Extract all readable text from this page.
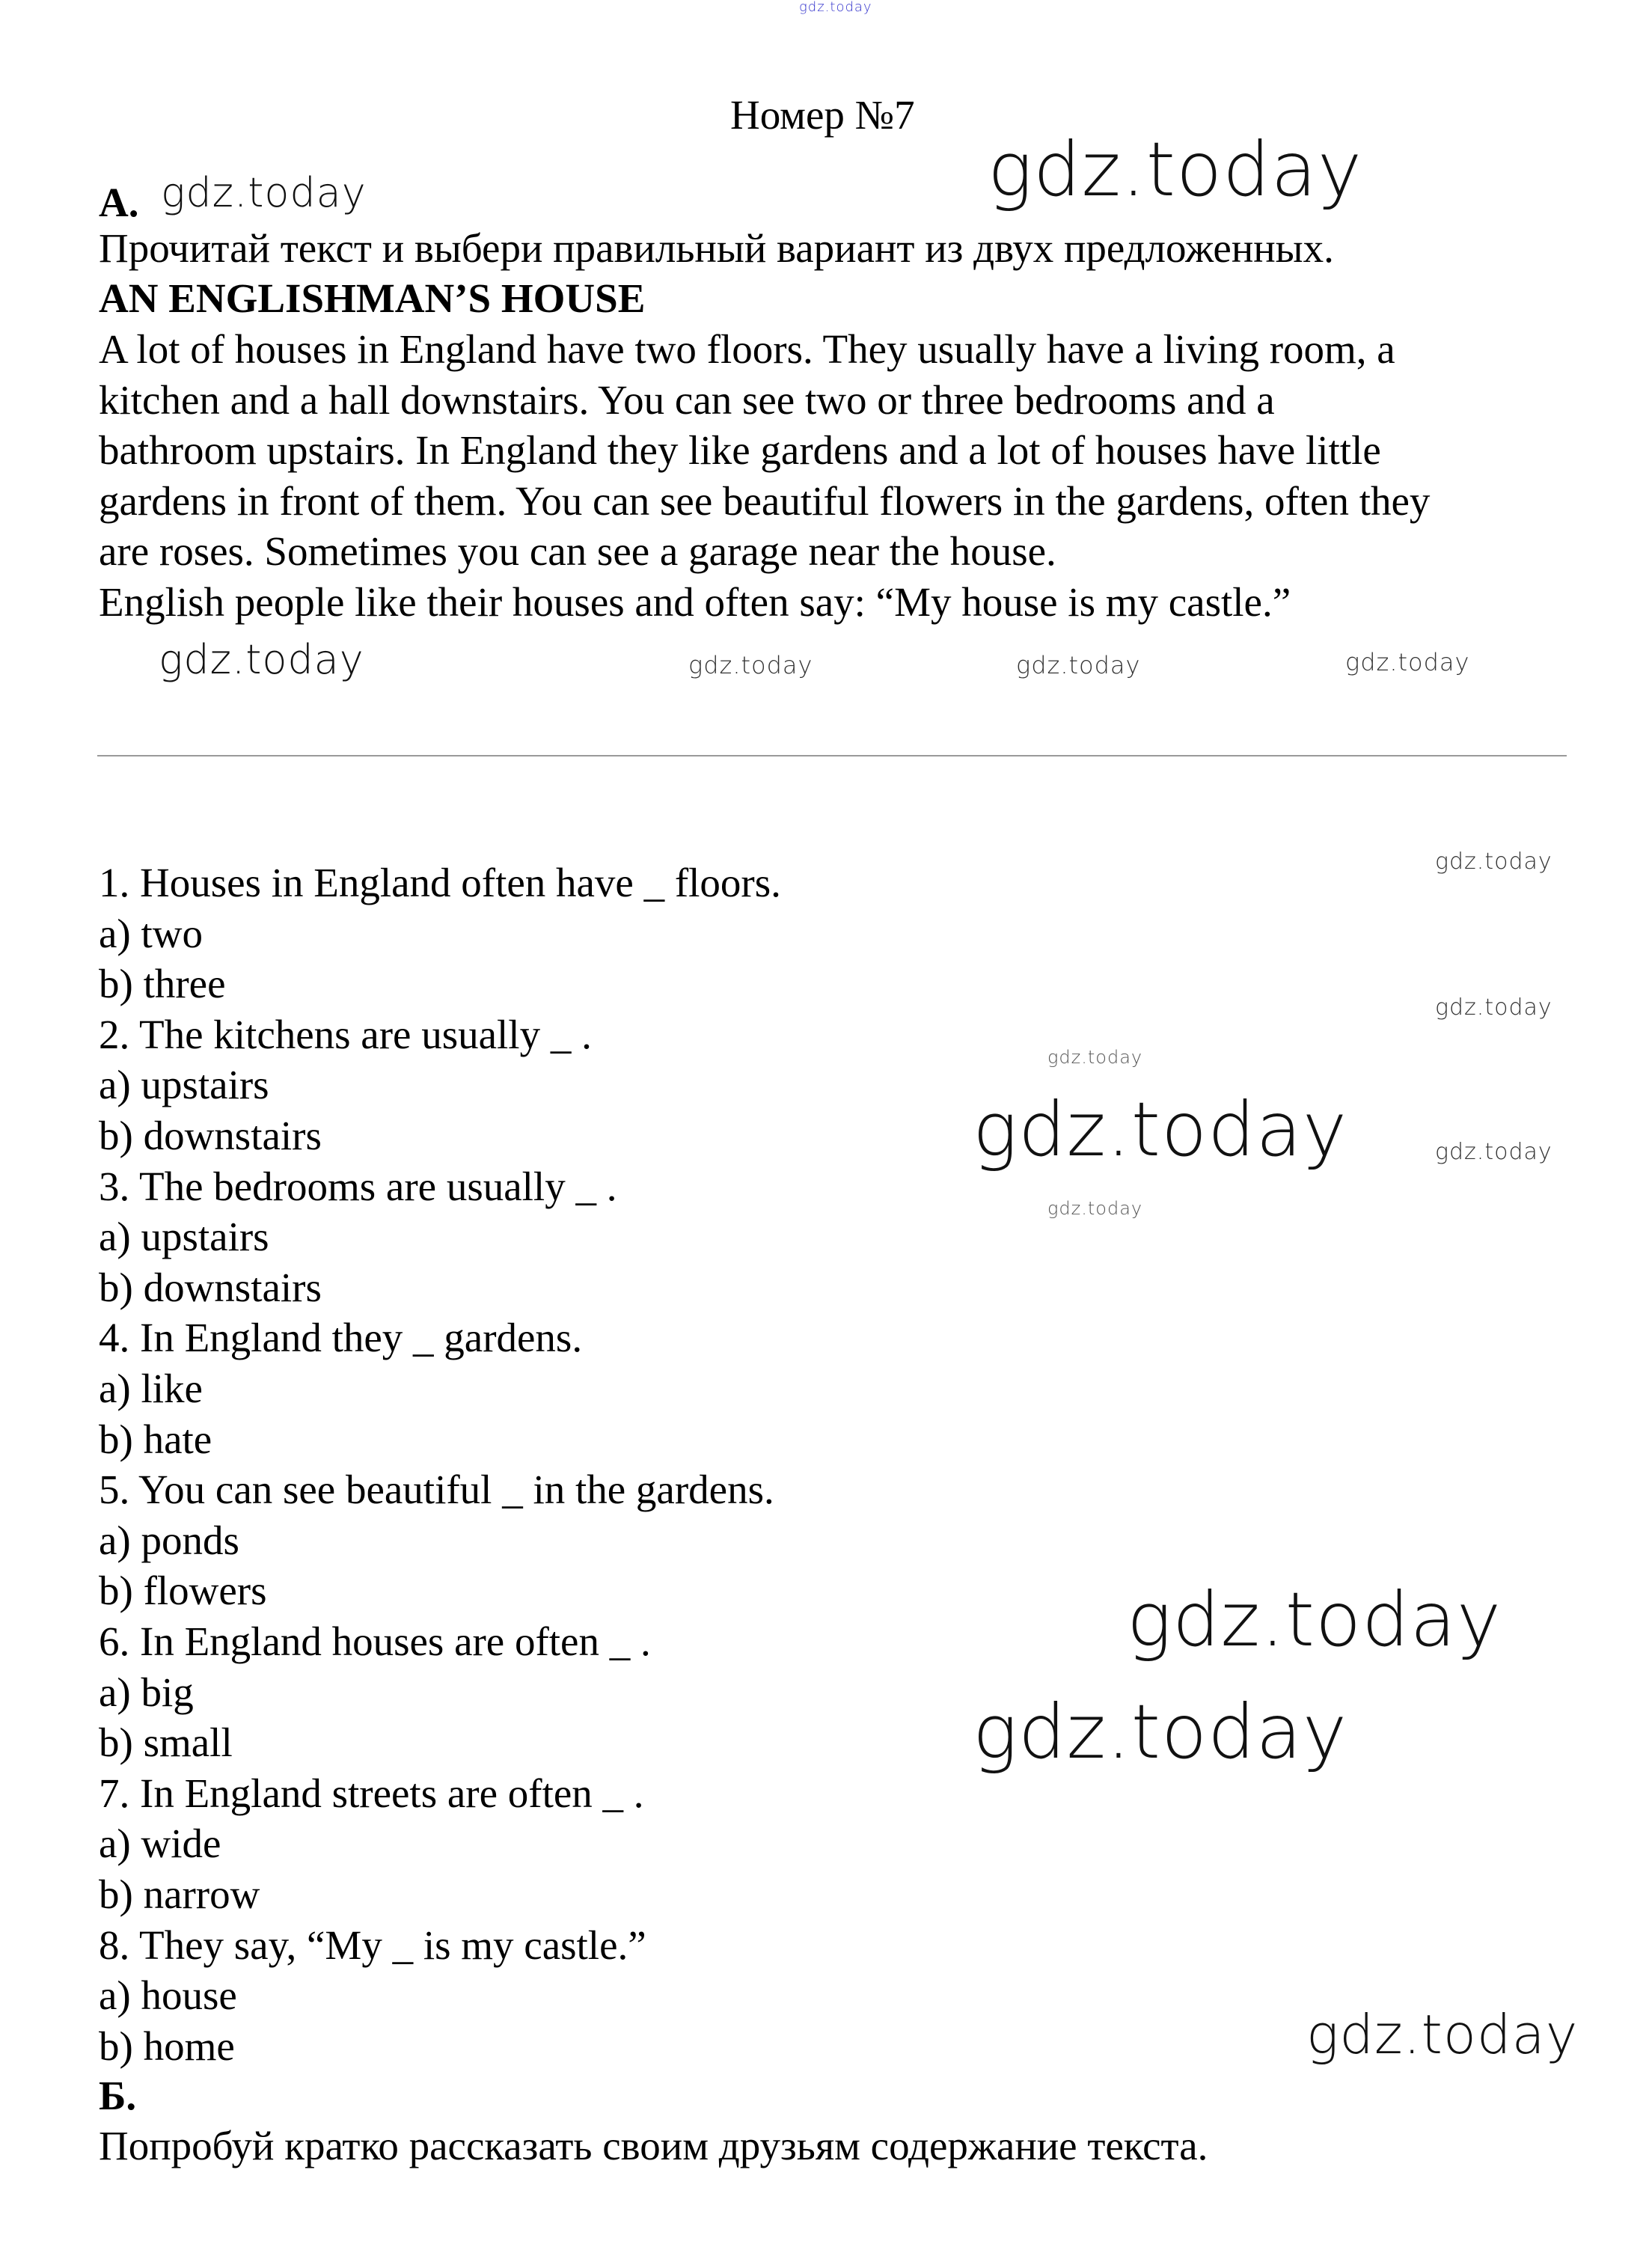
gdz.today
Номер №7
А.
Прочитай текст и выбери правильный вариант из двух предложенных.
AN ENGLISHMAN’S HOUSE
A lot of houses in England have two floors. They usually have a living room, a
kitchen and a hall downstairs. You can see two or three bedrooms and a
bathroom upstairs. In England they like gardens and a lot of houses have little
gardens in front of them. You can see beautiful flowers in the gardens, often they
are roses. Sometimes you can see a garage near the house.
English people like their houses and often say: “My house is my castle.”
gdz.today	gdz.today
gdz.today	gdz.today	gdz.today	gdz.today
gdz.today
gdz.today
gdz.today
gdz.today
gdz.today
gdz.today
gdz.today
gdz.today
gdz.today
1. Houses in England often have _ floors.
a) two
b) three
2. The kitchens are usually _ .
a) upstairs
b) downstairs
3. The bedrooms are usually _ .
a) upstairs
b) downstairs
4. In England they _ gardens.
a) like
b) hate
5. You can see beautiful _ in the gardens.
a) ponds
b) flowers
6. In England houses are often _ .
a) big
b) small
7. In England streets are often _ .
a) wide
b) narrow
8. They say, “My _ is my castle.”
a) house
b) home
Б.
Попробуй кратко рассказать своим друзьям содержание текста.
